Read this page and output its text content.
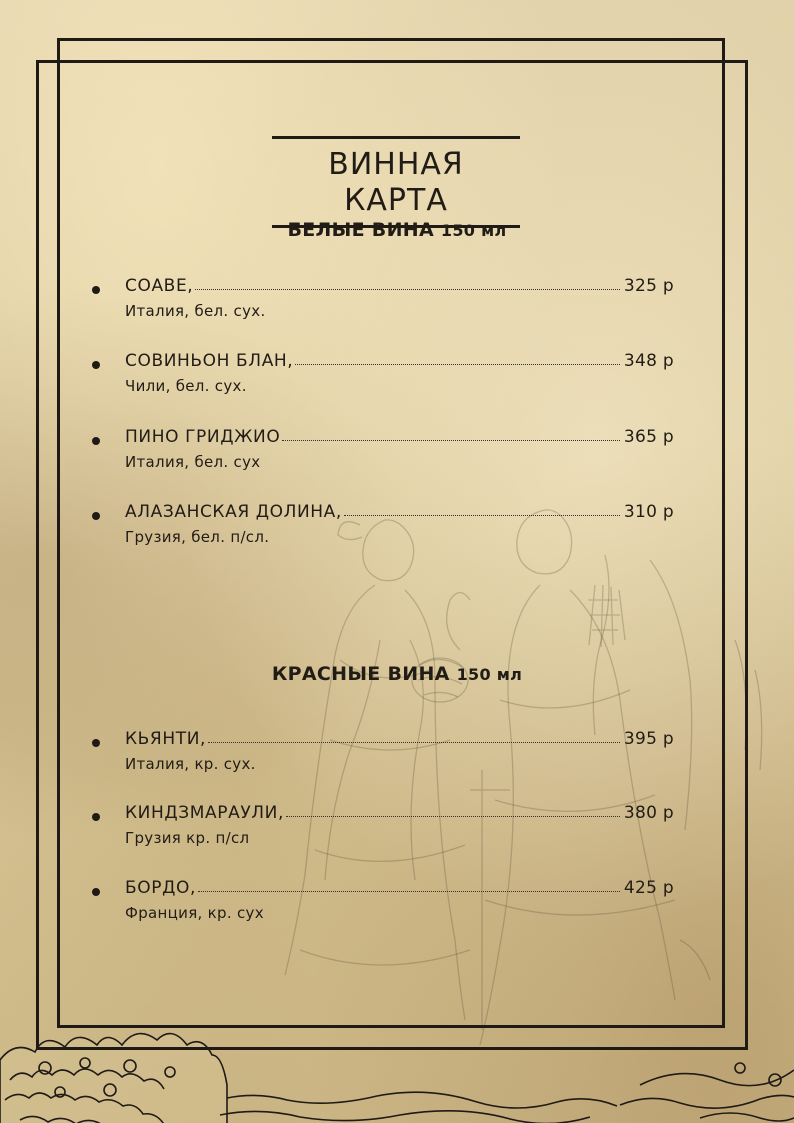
ВИННАЯ КАРТА
БЕЛЫЕ ВИНА 150 мл
СОАВЕ,	325 р
Италия, бел. сух.
СОВИНЬОН БЛАН,	348 р
Чили, бел. сух.
ПИНО ГРИДЖИО	365 р
Италия, бел. сух
АЛАЗАНСКАЯ ДОЛИНА,	310 р
Грузия, бел. п/сл.
КРАСНЫЕ ВИНА 150 мл
КЬЯНТИ,	395 р
Италия, кр. сух.
КИНДЗМАРАУЛИ,	380 р
Грузия кр. п/сл
БОРДО,	425 р
Франция, кр. сух
